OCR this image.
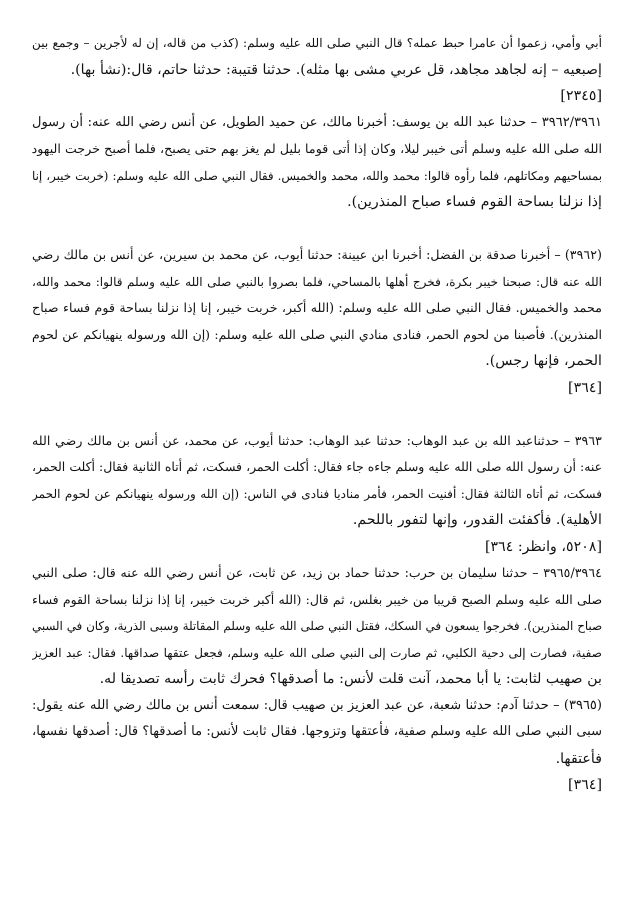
أبي وأمي، زعموا أن عامرا حبط عمله؟ قال النبي صلى الله عليه وسلم: (كذب من قاله، إن له لأجرين – وجمع بين
إصبعيه – إنه لجاهد مجاهد، قل عربي مشى بها مثله). حدثنا قتيبة: حدثنا حاتم، قال:(نشأ بها).
[٢٣٤٥]
٣٩٦٢/٣٩٦١ – حدثنا عبد الله بن يوسف: أخبرنا مالك، عن حميد الطويل، عن أنس رضي الله عنه: أن رسول
الله صلى الله عليه وسلم أتى خيبر ليلا، وكان إذا أتى قوما بليل لم يغز بهم حتى يصبح، فلما أصبح خرجت اليهود
بمساحيهم ومكاتلهم، فلما رأوه قالوا: محمد والله، محمد والخميس. فقال النبي صلى الله عليه وسلم: (خربت خيبر، إنا
إذا نزلنا بساحة القوم فساء صباح المنذرين).
(٣٩٦٢) – أخبرنا صدقة بن الفضل: أخبرنا ابن عيينة: حدثنا أيوب، عن محمد بن سيرين، عن أنس بن مالك رضي
الله عنه قال: صبحنا خيبر بكرة، فخرج أهلها بالمساحي، فلما بصروا بالنبي صلى الله عليه وسلم قالوا: محمد والله،
محمد والخميس. فقال النبي صلى الله عليه وسلم: (الله أكبر، خربت خيبر، إنا إذا نزلنا بساحة قوم فساء صباح
المنذرين). فأصبنا من لحوم الحمر، فنادى منادي النبي صلى الله عليه وسلم: (إن الله ورسوله ينهيانكم عن لحوم
الحمر، فإنها رجس).
[٣٦٤]
٣٩٦٣ – حدثناعبد الله بن عبد الوهاب: حدثنا عبد الوهاب: حدثنا أيوب، عن محمد، عن أنس بن مالك رضي الله
عنه: أن رسول الله صلى الله عليه وسلم جاءه جاء فقال: أكلت الحمر، فسكت، ثم أتاه الثانية فقال: أكلت الحمر،
فسكت، ثم أتاه الثالثة فقال: أفنيت الحمر، فأمر مناديا فنادى في الناس: (إن الله ورسوله ينهيانكم عن لحوم الحمر
الأهلية). فأكفئت القدور، وإنها لتفور باللحم.
[٥٢٠٨، وانظر: ٣٦٤]
٣٩٦٥/٣٩٦٤ – حدثنا سليمان بن حرب: حدثنا حماد بن زيد، عن ثابت، عن أنس رضي الله عنه قال: صلى النبي
صلى الله عليه وسلم الصبح قريبا من خيبر بغلس، ثم قال: (الله أكبر خربت خيبر، إنا إذا نزلنا بساحة القوم فساء
صباح المنذرين). فخرجوا يسعون في السكك، فقتل النبي صلى الله عليه وسلم المقاتلة وسبى الذرية، وكان في السبي
صفية، فصارت إلى دحية الكلبي، ثم صارت إلى النبي صلى الله عليه وسلم، فجعل عتقها صداقها. فقال: عبد العزيز
بن صهيب لثابت: يا أبا محمد، آنت قلت لأنس: ما أصدقها؟ فحرك ثابت رأسه تصديقا له.
(٣٩٦٥) – حدثنا آدم: حدثنا شعبة، عن عبد العزيز بن صهيب قال: سمعت أنس بن مالك رضي الله عنه يقول:
سبى النبي صلى الله عليه وسلم صفية، فأعتقها وتزوجها. فقال ثابت لأنس: ما أصدقها؟ قال: أصدقها نفسها،
فأعتقها.
[٣٦٤]
